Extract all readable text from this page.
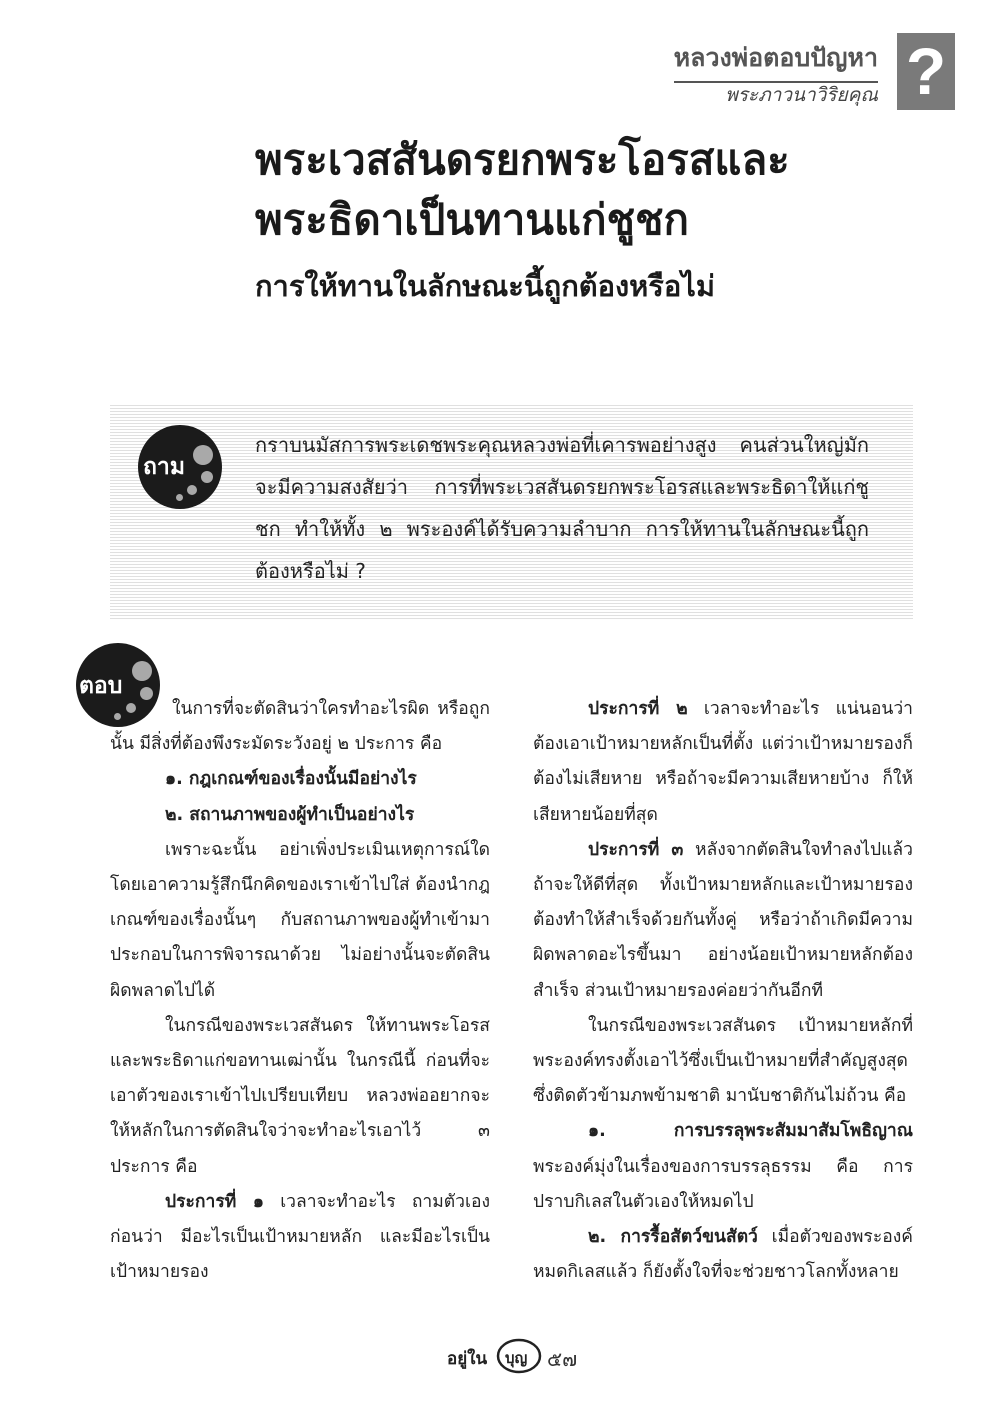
หลวงพ่อตอบปัญหา
พระภาวนาวิริยคุณ ?
พระเวสสันดรยกพระโอรสและ
พระธิดาเป็นทานแก่ชูชก
การให้ทานในลักษณะนี้ถูกต้องหรือไม่
ถาม
กราบนมัสการพระเดชพระคุณหลวงพ่อที่เคารพอย่างสูง คนส่วนใหญ่มักจะมีความสงสัยว่า การที่พระเวสสันดรยกพระโอรสและพระธิดาให้แก่ชูชก ทำให้ทั้ง ๒ พระองค์ได้รับความลำบาก การให้ทานในลักษณะนี้ถูกต้องหรือไม่ ?
ตอบ

ในการที่จะตัดสินว่าใครทำอะไรผิด หรือถูกนั้น มีสิ่งที่ต้องพึงระมัดระวังอยู่ ๒ ประการ คือ

๑. กฎเกณฑ์ของเรื่องนั้นมีอย่างไร

๒. สถานภาพของผู้ทำเป็นอย่างไร

เพราะฉะนั้น อย่าเพิ่งประเมินเหตุการณ์ใดโดยเอาความรู้สึกนึกคิดของเราเข้าไปใส่ ต้องนำกฎเกณฑ์ของเรื่องนั้นๆ กับสถานภาพของผู้ทำเข้ามาประกอบในการพิจารณาด้วย ไม่อย่างนั้นจะตัดสินผิดพลาดไปได้

ในกรณีของพระเวสสันดร ให้ทานพระโอรสและพระธิดาแก่ขอทานเฒ่านั้น ในกรณีนี้ ก่อนที่จะเอาตัวของเราเข้าไปเปรียบเทียบ หลวงพ่ออยากจะให้หลักในการตัดสินใจว่าจะทำอะไรเอาไว้ ๓ ประการ คือ

ประการที่ ๑ เวลาจะทำอะไร ถามตัวเองก่อนว่า มีอะไรเป็นเป้าหมายหลัก และมีอะไรเป็นเป้าหมายรอง

ประการที่ ๒ เวลาจะทำอะไร แน่นอนว่า ต้องเอาเป้าหมายหลักเป็นที่ตั้ง แต่ว่าเป้าหมายรองก็ต้องไม่เสียหาย หรือถ้าจะมีความเสียหายบ้าง ก็ให้เสียหายน้อยที่สุด

ประการที่ ๓ หลังจากตัดสินใจทำลงไปแล้ว ถ้าจะให้ดีที่สุด ทั้งเป้าหมายหลักและเป้าหมายรองต้องทำให้สำเร็จด้วยกันทั้งคู่ หรือว่าถ้าเกิดมีความผิดพลาดอะไรขึ้นมา อย่างน้อยเป้าหมายหลักต้องสำเร็จ ส่วนเป้าหมายรองค่อยว่ากันอีกที

ในกรณีของพระเวสสันดร เป้าหมายหลักที่พระองค์ทรงตั้งเอาไว้ซึ่งเป็นเป้าหมายที่สำคัญสูงสุด ซึ่งติดตัวข้ามภพข้ามชาติ มานับชาติกันไม่ถ้วน คือ

๑. การบรรลุพระสัมมาสัมโพธิญาณ พระองค์มุ่งในเรื่องของการบรรลุธรรม คือ การปราบกิเลสในตัวเองให้หมดไป

๒. การรื้อสัตว์ขนสัตว์ เมื่อตัวของพระองค์หมดกิเลสแล้ว ก็ยังตั้งใจที่จะช่วยชาวโลกทั้งหลาย

อยู่ใน บุญ ๕๗
